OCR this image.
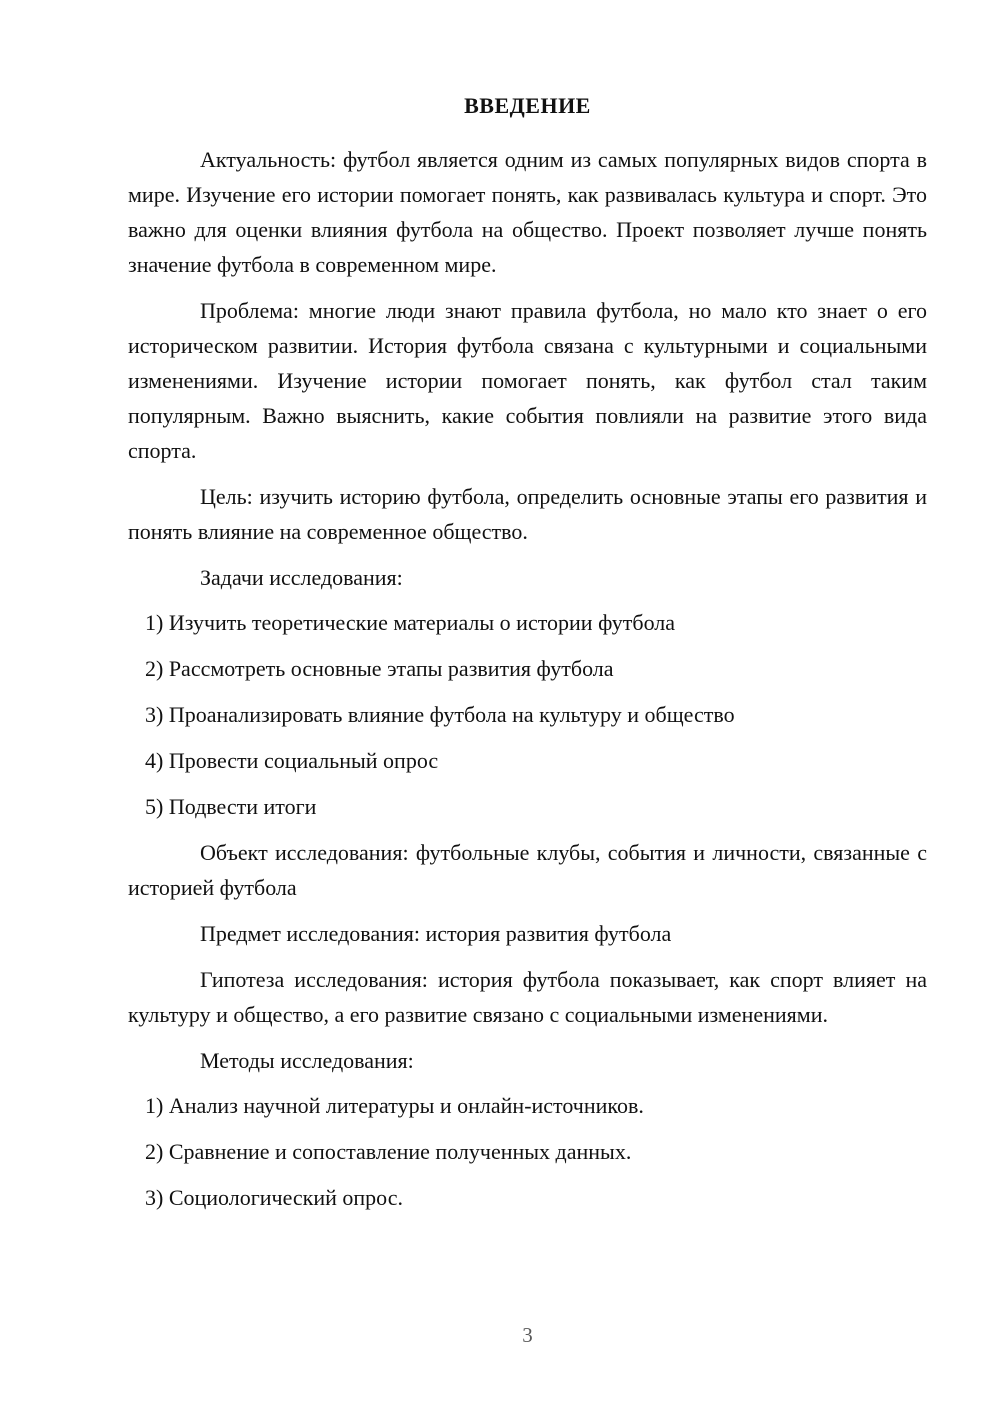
ВВЕДЕНИЕ

Актуальность: футбол является одним из самых популярных видов спорта в мире. Изучение его истории помогает понять, как развивалась культура и спорт. Это важно для оценки влияния футбола на общество. Проект позволяет лучше понять значение футбола в современном мире.

Проблема: многие люди знают правила футбола, но мало кто знает о его историческом развитии. История футбола связана с культурными и социальными изменениями. Изучение истории помогает понять, как футбол стал таким популярным. Важно выяснить, какие события повлияли на развитие этого вида спорта.

Цель: изучить историю футбола, определить основные этапы его развития и понять влияние на современное общество.

Задачи исследования:

1) Изучить теоретические материалы о истории футбола

2) Рассмотреть основные этапы развития футбола

3) Проанализировать влияние футбола на культуру и общество

4) Провести социальный опрос

5) Подвести итоги

Объект исследования: футбольные клубы, события и личности, связанные с историей футбола

Предмет исследования: история развития футбола

Гипотеза исследования: история футбола показывает, как спорт влияет на культуру и общество, а его развитие связано с социальными изменениями.

Методы исследования:

1) Анализ научной литературы и онлайн-источников.

2) Сравнение и сопоставление полученных данных.

3) Социологический опрос.

3
